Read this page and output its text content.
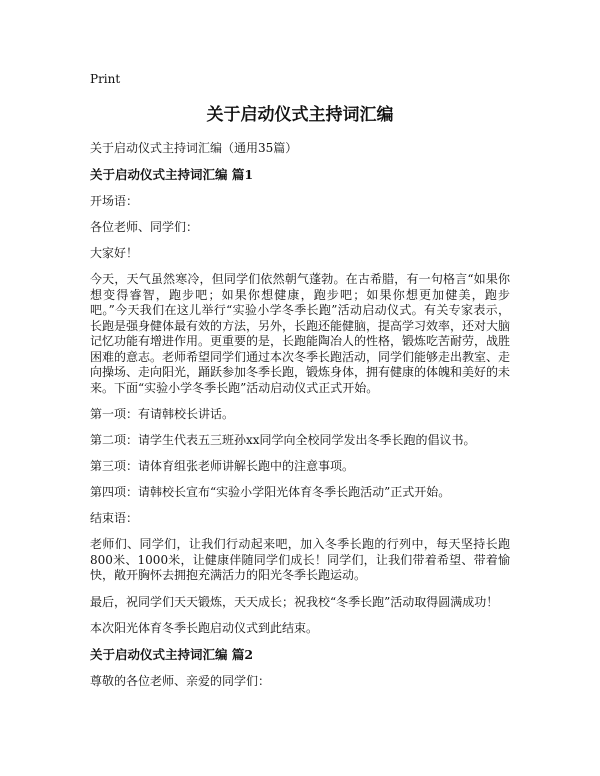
Print
关于启动仪式主持词汇编
关于启动仪式主持词汇编（通用35篇）
关于启动仪式主持词汇编 篇1

开场语：

各位老师、同学们：

大家好！

今天，天气虽然寒冷，但同学们依然朝气蓬勃。在古希腊，有一句格言“如果你想变得睿智，跑步吧；如果你想健康，跑步吧；如果你想更加健美，跑步吧。”今天我们在这儿举行“实验小学冬季长跑”活动启动仪式。有关专家表示，长跑是强身健体最有效的方法，另外，长跑还能健脑，提高学习效率，还对大脑记忆功能有增进作用。更重要的是，长跑能陶冶人的性格，锻炼吃苦耐劳，战胜困难的意志。老师希望同学们通过本次冬季长跑活动，同学们能够走出教室、走向操场、走向阳光，踊跃参加冬季长跑，锻炼身体，拥有健康的体魄和美好的未来。下面“实验小学冬季长跑”活动启动仪式正式开始。

第一项：有请韩校长讲话。

第二项：请学生代表五三班孙xx同学向全校同学发出冬季长跑的倡议书。

第三项：请体育组张老师讲解长跑中的注意事项。

第四项：请韩校长宣布“实验小学阳光体育冬季长跑活动”正式开始。

结束语：

老师们、同学们，让我们行动起来吧，加入冬季长跑的行列中，每天坚持长跑800米、1000米，让健康伴随同学们成长！同学们，让我们带着希望、带着愉快，敞开胸怀去拥抱充满活力的阳光冬季长跑运动。

最后，祝同学们天天锻炼，天天成长；祝我校“冬季长跑”活动取得圆满成功！

本次阳光体育冬季长跑启动仪式到此结束。

关于启动仪式主持词汇编 篇2

尊敬的各位老师、亲爱的同学们：
